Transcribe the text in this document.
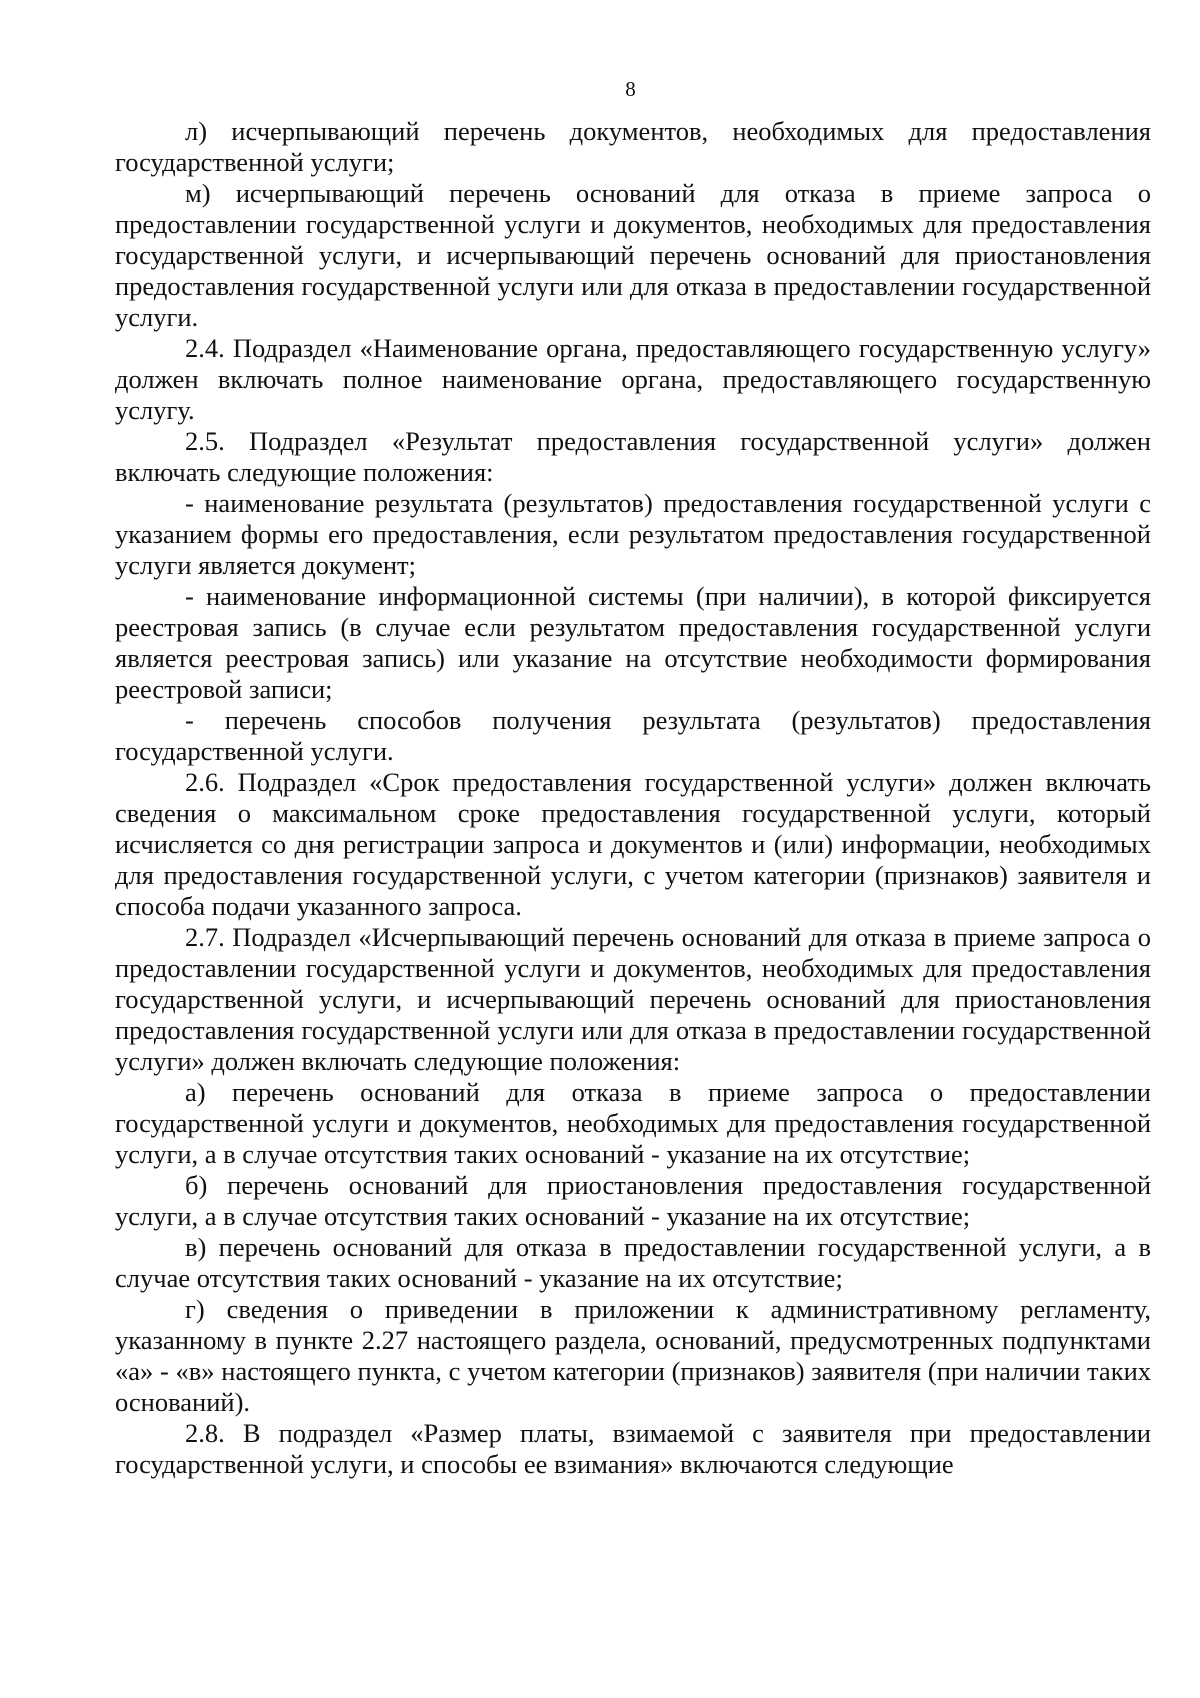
8

л) исчерпывающий перечень документов, необходимых для предоставления государственной услуги;

м) исчерпывающий перечень оснований для отказа в приеме запроса о предоставлении государственной услуги и документов, необходимых для предоставления государственной услуги, и исчерпывающий перечень оснований для приостановления предоставления государственной услуги или для отказа в предоставлении государственной услуги.

2.4. Подраздел «Наименование органа, предоставляющего государственную услугу» должен включать полное наименование органа, предоставляющего государственную услугу.

2.5. Подраздел «Результат предоставления государственной услуги» должен включать следующие положения:

- наименование результата (результатов) предоставления государственной услуги с указанием формы его предоставления, если результатом предоставления государственной услуги является документ;

- наименование информационной системы (при наличии), в которой фиксируется реестровая запись (в случае если результатом предоставления государственной услуги является реестровая запись) или указание на отсутствие необходимости формирования реестровой записи;

- перечень способов получения результата (результатов) предоставления государственной услуги.

2.6. Подраздел «Срок предоставления государственной услуги» должен включать сведения о максимальном сроке предоставления государственной услуги, который исчисляется со дня регистрации запроса и документов и (или) информации, необходимых для предоставления государственной услуги, с учетом категории (признаков) заявителя и способа подачи указанного запроса.

2.7. Подраздел «Исчерпывающий перечень оснований для отказа в приеме запроса о предоставлении государственной услуги и документов, необходимых для предоставления государственной услуги, и исчерпывающий перечень оснований для приостановления предоставления государственной услуги или для отказа в предоставлении государственной услуги» должен включать следующие положения:

а) перечень оснований для отказа в приеме запроса о предоставлении государственной услуги и документов, необходимых для предоставления государственной услуги, а в случае отсутствия таких оснований - указание на их отсутствие;

б) перечень оснований для приостановления предоставления государственной услуги, а в случае отсутствия таких оснований - указание на их отсутствие;

в) перечень оснований для отказа в предоставлении государственной услуги, а в случае отсутствия таких оснований - указание на их отсутствие;

г) сведения о приведении в приложении к административному регламенту, указанному в пункте 2.27 настоящего раздела, оснований, предусмотренных подпунктами «а» - «в» настоящего пункта, с учетом категории (признаков) заявителя (при наличии таких оснований).

2.8. В подраздел «Размер платы, взимаемой с заявителя при предоставлении государственной услуги, и способы ее взимания» включаются следующие
